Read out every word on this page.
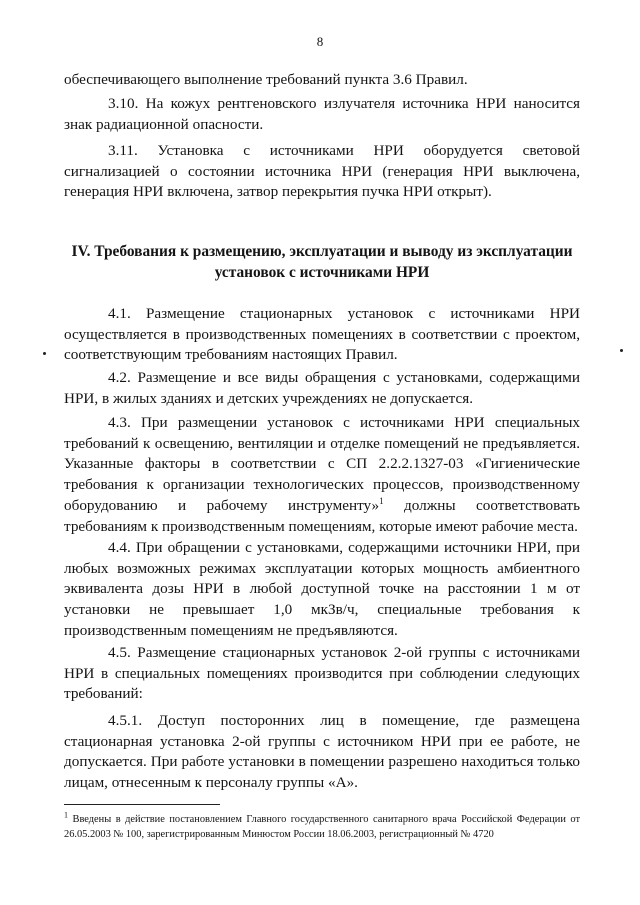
8
обеспечивающего выполнение требований пункта 3.6 Правил.
3.10. На кожух рентгеновского излучателя источника НРИ наносится знак радиационной опасности.
3.11. Установка с источниками НРИ оборудуется световой сигнализацией о состоянии источника НРИ (генерация НРИ выключена, генерация НРИ включена, затвор перекрытия пучка НРИ открыт).
IV. Требования к размещению, эксплуатации и выводу из эксплуатации
установок с источниками НРИ
4.1. Размещение стационарных установок с источниками НРИ осуществляется в производственных помещениях в соответствии с проектом, соответствующим требованиям настоящих Правил.
4.2. Размещение и все виды обращения с установками, содержащими НРИ, в жилых зданиях и детских учреждениях не допускается.
4.3. При размещении установок с источниками НРИ специальных требований к освещению, вентиляции и отделке помещений не предъявляется. Указанные факторы в соответствии с СП 2.2.2.1327-03 «Гигиенические требования к организации технологических процессов, производственному оборудованию и рабочему инструменту»$^1$ должны соответствовать требованиям к производственным помещениям, которые имеют рабочие места.
4.4. При обращении с установками, содержащими источники НРИ, при любых возможных режимах эксплуатации которых мощность амбиентного эквивалента дозы НРИ в любой доступной точке на расстоянии 1 м от установки не превышает 1,0 мкЗв/ч, специальные требования к производственным помещениям не предъявляются.
4.5. Размещение стационарных установок 2-ой группы с источниками НРИ в специальных помещениях производится при соблюдении следующих требований:
4.5.1. Доступ посторонних лиц в помещение, где размещена стационарная установка 2-ой группы с источником НРИ при ее работе, не допускается. При работе установки в помещении разрешено находиться только лицам, отнесенным к персоналу группы «А».
$^1$ Введены в действие постановлением Главного государственного санитарного врача Российской Федерации от 26.05.2003 № 100, зарегистрированным Минюстом России 18.06.2003, регистрационный № 4720
